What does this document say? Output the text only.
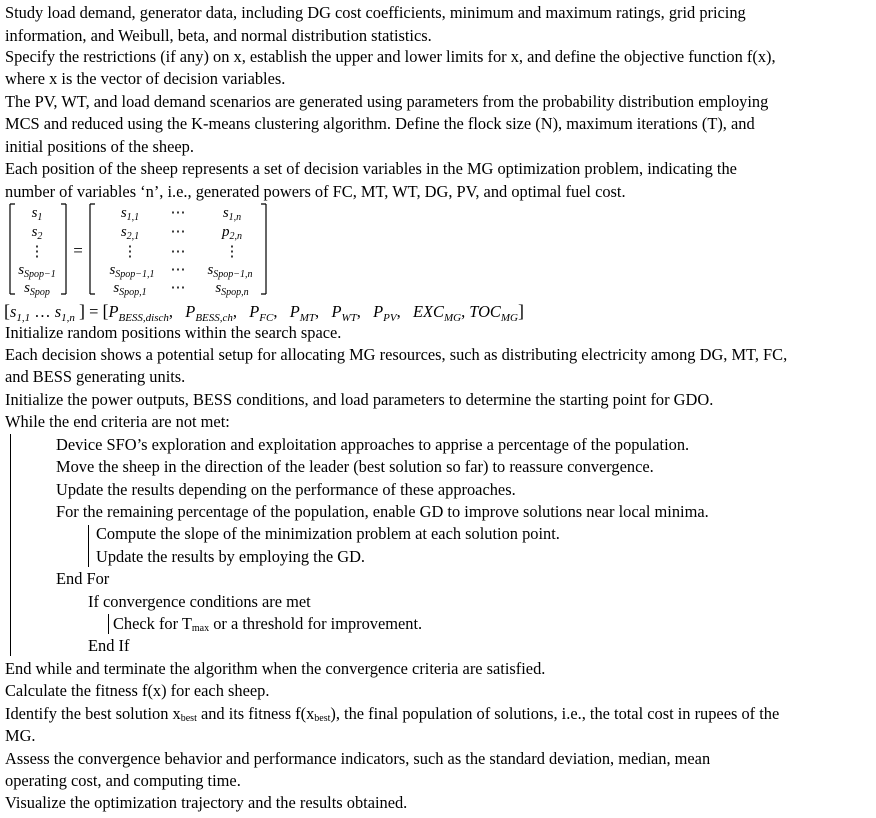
Study load demand, generator data, including DG cost coefficients, minimum and maximum ratings, grid pricing
information, and Weibull, beta, and normal distribution statistics.
Specify the restrictions (if any) on x, establish the upper and lower limits for x, and define the objective function f(x),
where x is the vector of decision variables.
The PV, WT, and load demand scenarios are generated using parameters from the probability distribution employing
MCS and reduced using the K-means clustering algorithm. Define the flock size (N), maximum iterations (T), and
initial positions of the sheep.
Each position of the sheep represents a set of decision variables in the MG optimization problem, indicating the
number of variables ‘n’, i.e., generated powers of FC, MT, WT, DG, PV, and optimal fuel cost.
$s_1$
$s_2$
⋮
$s_{Spop-1}$
$s_{Spop}$
=
$s_{1,1}$
$s_{2,1}$
⋮
$s_{Spop-1,1}$
$s_{Spop,1}$
⋯
⋯
⋯
⋯
⋯
$s_{1,n}$
$p_{2,n}$
⋮
$s_{Spop-1,n}$
$s_{Spop,n}$
[$s_{1,1}$ … $s_{1,n}$ ] = [$P_{BESS,disch}$,   $P_{BESS,ch}$,   $P_{FC}$,   $P_{MT}$,   $P_{WT}$,   $P_{PV}$,   $EXC_{MG}$, $TOC_{MG}$]
Initialize random positions within the search space.
Each decision shows a potential setup for allocating MG resources, such as distributing electricity among DG, MT, FC,
and BESS generating units.
Initialize the power outputs, BESS conditions, and load parameters to determine the starting point for GDO.
While the end criteria are not met:
Device SFO’s exploration and exploitation approaches to apprise a percentage of the population.
Move the sheep in the direction of the leader (best solution so far) to reassure convergence.
Update the results depending on the performance of these approaches.
For the remaining percentage of the population, enable GD to improve solutions near local minima.
Compute the slope of the minimization problem at each solution point.
Update the results by employing the GD.
End For
If convergence conditions are met
Check for Tmax or a threshold for improvement.
End If
End while and terminate the algorithm when the convergence criteria are satisfied.
Calculate the fitness f(x) for each sheep.
Identify the best solution xbest and its fitness f(xbest), the final population of solutions, i.e., the total cost in rupees of the
MG.
Assess the convergence behavior and performance indicators, such as the standard deviation, median, mean
operating cost, and computing time.
Visualize the optimization trajectory and the results obtained.
